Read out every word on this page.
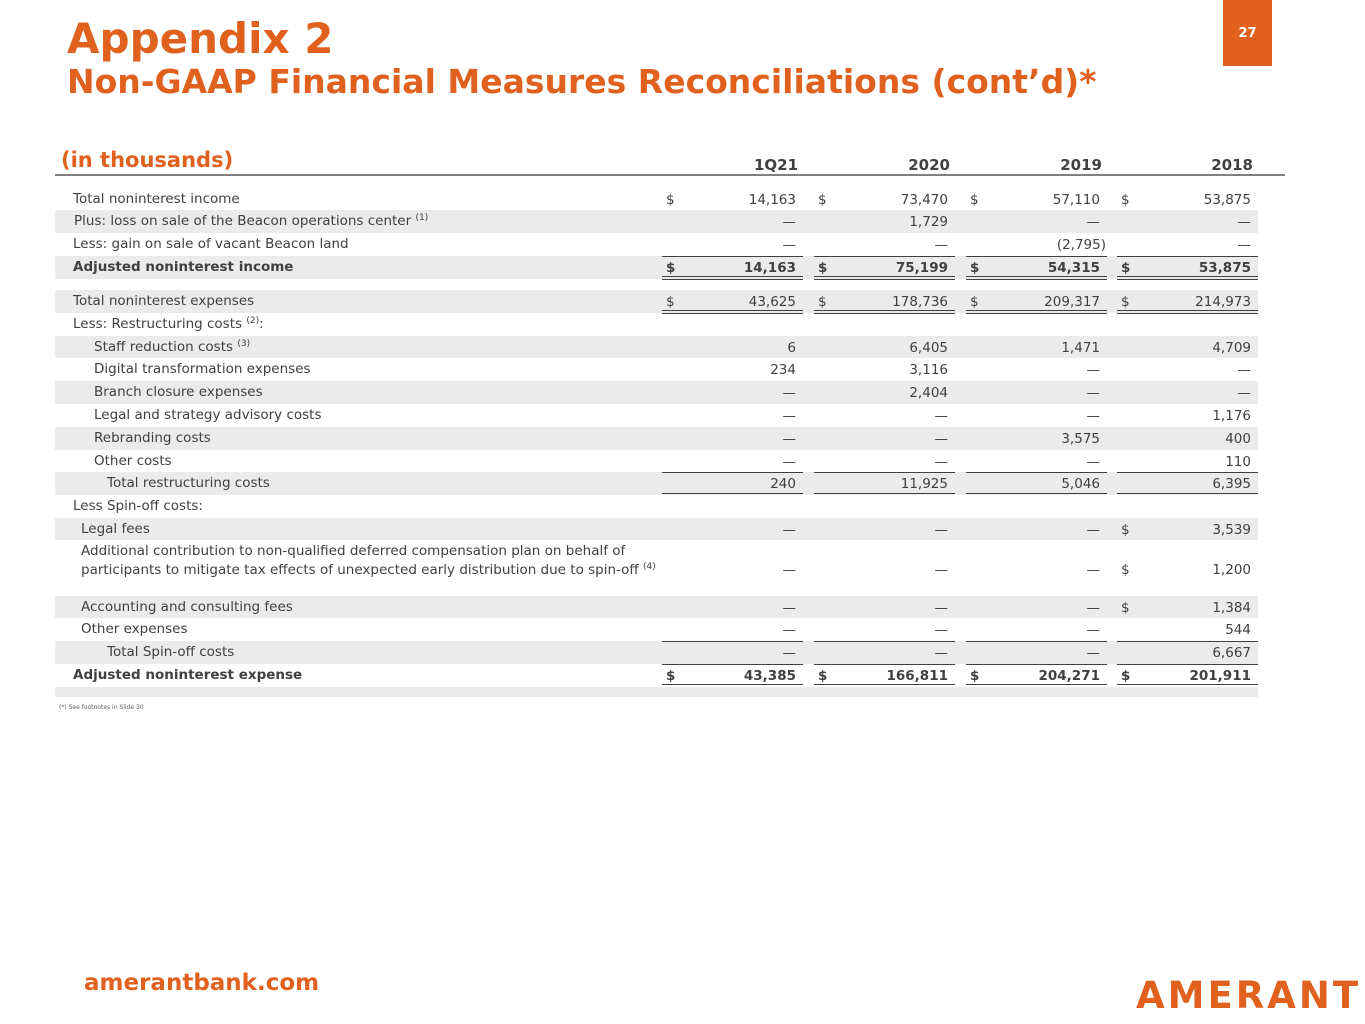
Appendix 2
Non-GAAP Financial Measures Reconciliations (cont’d)*
27
(in thousands)	1Q21	2020	2019	2018
Total noninterest income	$	14,163 $	73,470 $	57,110 $	53,875
Plus: loss on sale of the Beacon operations center $^{(1)}$	—	1,729	—	—
Less: gain on sale of vacant Beacon land	—	—	(2,795)	—
Adjusted noninterest income	$	14,163 $	75,199 $	54,315 $	53,875
Total noninterest expenses	$	43,625 $	178,736 $	209,317 $	214,973
Less: Restructuring costs $^{(2)}$:
Staff reduction costs $^{(3)}$	6	6,405	1,471	4,709
Digital transformation expenses	234	3,116	—	—
Branch closure expenses	—	2,404	—	—
Legal and strategy advisory costs	—	—	—	1,176
Rebranding costs	—	—	3,575	400
Other costs	—	—	—	110
Total restructuring costs	240	11,925	5,046	6,395
Less Spin-off costs:
Legal fees	—	—	— $	3,539
Additional contribution to non-qualified deferred compensation plan on behalf of
participants to mitigate tax effects of unexpected early distribution due to spin-off $^{(4)}$	—	—	— $	1,200
Accounting and consulting fees	—	—	— $	1,384
Other expenses	—	—	—	544
Total Spin-off costs	—	—	—	6,667
Adjusted noninterest expense	$	43,385 $	166,811 $	204,271 $	201,911
(*) See footnotes in Slide 30
amerantbank.com	AMERANT
